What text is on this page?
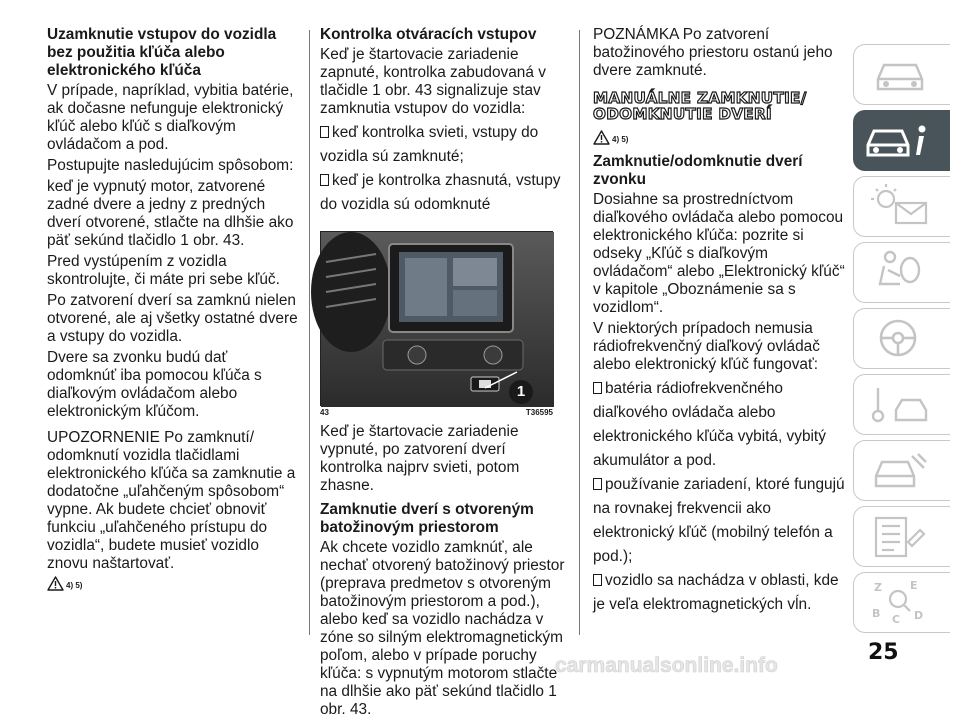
Uzamknutie vstupov do vozidla bez použitia kľúča alebo elektronického kľúča

V prípade, napríklad, vybitia batérie, ak dočasne nefunguje elektronický kľúč alebo kľúč s diaľkovým ovládačom a pod.

Postupujte nasledujúcim spôsobom:

keď je vypnutý motor, zatvorené zadné dvere a jedny z predných dverí otvorené, stlačte na dlhšie ako päť sekúnd tlačidlo 1 obr. 43.

Pred vystúpením z vozidla skontrolujte, či máte pri sebe kľúč.

Po zatvorení dverí sa zamknú nielen otvorené, ale aj všetky ostatné dvere a vstupy do vozidla.

Dvere sa zvonku budú dať odomknúť iba pomocou kľúča s diaľkovým ovládačom alebo elektronickým kľúčom.

UPOZORNENIE Po zamknutí/ odomknutí vozidla tlačidlami elektronického kľúča sa zamknutie a dodatočne „uľahčeným spôsobom“ vypne. Ak budete chcieť obnoviť funkciu „uľahčeného prístupu do vozidla“, budete musieť vozidlo znovu naštartovať.

4) 5)
Kontrolka otváracích vstupov

Keď je štartovacie zariadenie zapnuté, kontrolka zabudovaná v tlačidle 1 obr. 43 signalizuje stav zamknutia vstupov do vozidla:

keď kontrolka svieti, vstupy do vozidla sú zamknuté;
keď je kontrolka zhasnutá, vstupy do vozidla sú odomknuté
1
43	T36595

Keď je štartovacie zariadenie vypnuté, po zatvorení dverí kontrolka najprv svieti, potom zhasne.

Zamknutie dverí s otvoreným batožinovým priestorom

Ak chcete vozidlo zamknúť, ale nechať otvorený batožinový priestor (preprava predmetov s otvoreným batožinovým priestorom a pod.), alebo keď sa vozidlo nachádza v zóne so silným elektromagnetickým poľom, alebo v prípade poruchy kľúča: s vypnutým motorom stlačte na dlhšie ako päť sekúnd tlačidlo 1 obr. 43.

POZNÁMKA Po zatvorení batožinového priestoru ostanú jeho dvere zamknuté.

MANUÁLNE ZAMKNUTIE/ ODOMKNUTIE DVERÍ
4) 5)
Zamknutie/odomknutie dverí zvonku

Dosiahne sa prostredníctvom diaľkového ovládača alebo pomocou elektronického kľúča: pozrite si odseky „Kľúč s diaľkovým ovládačom“ alebo „Elektronický kľúč“ v kapitole „Oboznámenie sa s vozidlom“.

V niektorých prípadoch nemusia rádiofrekvenčný diaľkový ovládač alebo elektronický kľúč fungovať:

batéria rádiofrekvenčného diaľkového ovládača alebo elektronického kľúča vybitá, vybitý akumulátor a pod.
používanie zariadení, ktoré fungujú na rovnakej frekvencii ako elektronický kľúč (mobilný telefón a pod.);
vozidlo sa nachádza v oblasti, kde je veľa elektromagnetických vĺn.
Z	E
B C D
25
carmanualsonline.info
